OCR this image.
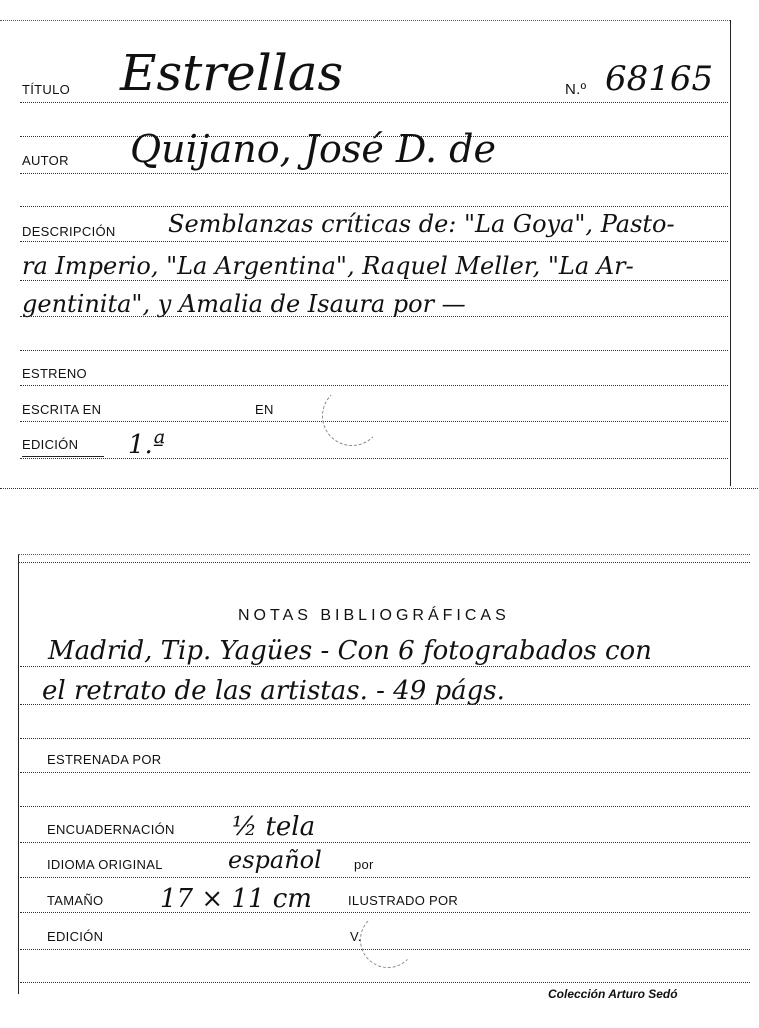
TÍTULO Estrellas	N.º 68165
AUTOR Quijano, José D. de
DESCRIPCIÓN Semblanzas críticas de: "La Goya", Pasto-
ra Imperio, "La Argentina", Raquel Meller, "La Ar-
gentinita", y Amalia de Isaura por —
ESTRENO
ESCRITA EN	EN
EDICIÓN 1.ª
NOTAS BIBLIOGRÁFICAS
Madrid, Tip. Yagües - Con 6 fotograbados con
el retrato de las artistas. - 49 págs.
ESTRENADA POR
ENCUADERNACIÓN ½ tela
IDIOMA ORIGINAL	español por
TAMAÑO 17 × 11 cm	ILUSTRADO POR
EDICIÓN	V.
Colección Arturo Sedó
